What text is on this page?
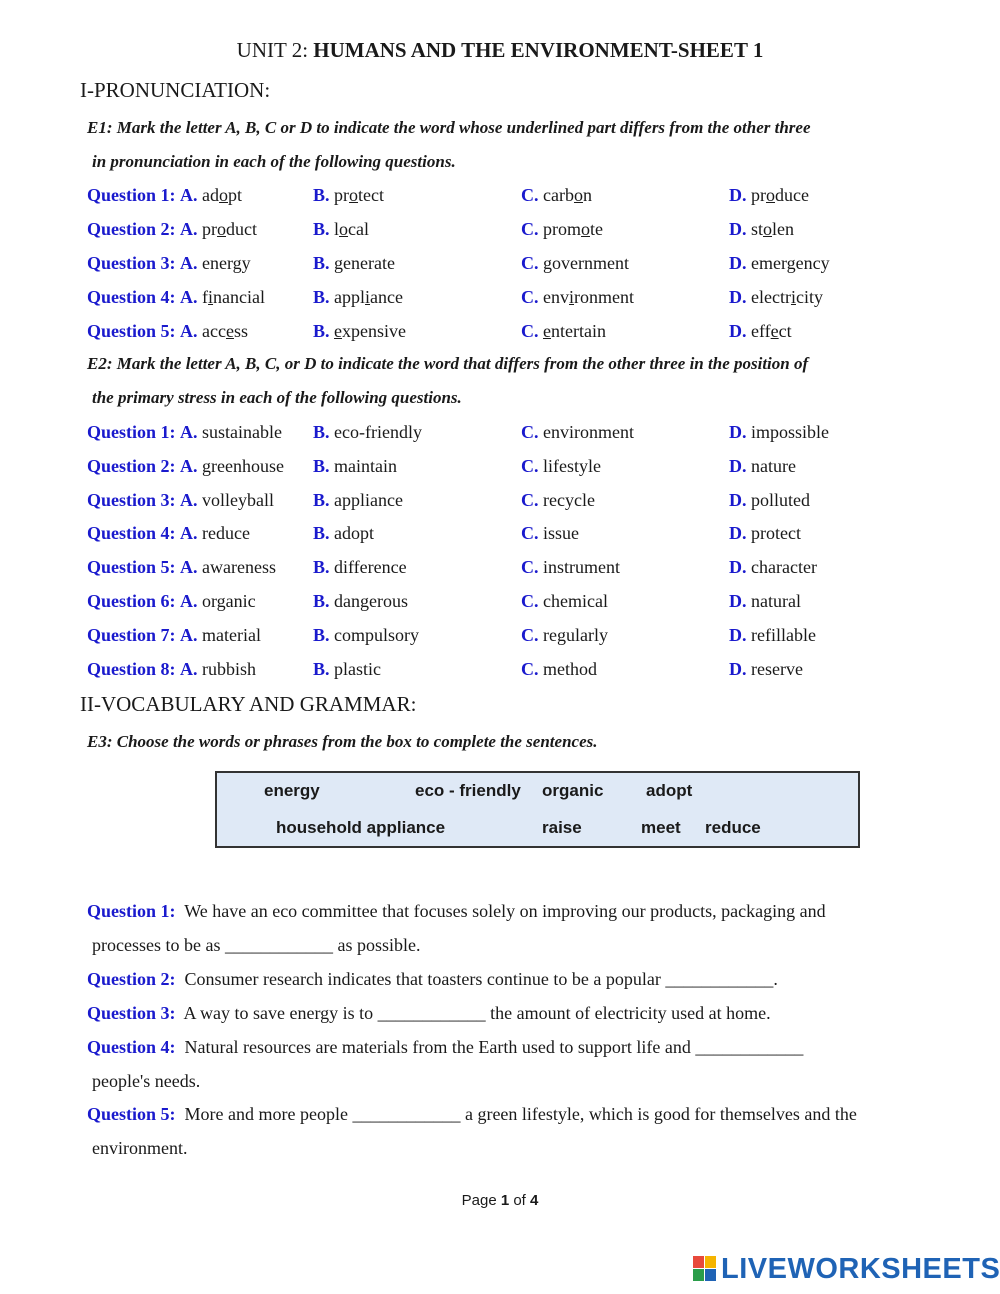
UNIT 2: HUMANS AND THE ENVIRONMENT-SHEET 1
I-PRONUNCIATION:
E1: Mark the letter A, B, C or D to indicate the word whose underlined part differs from the other three
in pronunciation in each of the following questions.
Question 1: A. adopt	B. protect	C. carbon	D. produce
Question 2: A. product	B. local	C. promote	D. stolen
Question 3: A. energy	B. generate	C. government	D. emergency
Question 4: A. financial	B. appliance	C. environment	D. electricity
Question 5: A. access	B. expensive	C. entertain	D. effect
E2: Mark the letter A, B, C, or D to indicate the word that differs from the other three in the position of
the primary stress in each of the following questions.
Question 1: A. sustainable B. eco-friendly	C. environment	D. impossible
Question 2: A. greenhouse B. maintain	C. lifestyle	D. nature
Question 3: A. volleyball B. appliance	C. recycle	D. polluted
Question 4: A. reduce	B. adopt	C. issue	D. protect
Question 5: A. awareness B. difference	C. instrument	D. character
Question 6: A. organic	B. dangerous	C. chemical	D. natural
Question 7: A. material	B. compulsory	C. regularly	D. refillable
Question 8: A. rubbish	B. plastic	C. method	D. reserve
II-VOCABULARY AND GRAMMAR:
E3: Choose the words or phrases from the box to complete the sentences.
energy	eco - friendly organic	adopt
household appliance	raise	meet reduce
Question 1: We have an eco committee that focuses solely on improving our products, packaging and
processes to be as ____________ as possible.
Question 2: Consumer research indicates that toasters continue to be a popular ____________.
Question 3: A way to save energy is to ____________ the amount of electricity used at home.
Question 4: Natural resources are materials from the Earth used to support life and ____________
people's needs.
Question 5: More and more people ____________ a green lifestyle, which is good for themselves and the
environment.
Page 1 of 4
LIVEWORKSHEETS
